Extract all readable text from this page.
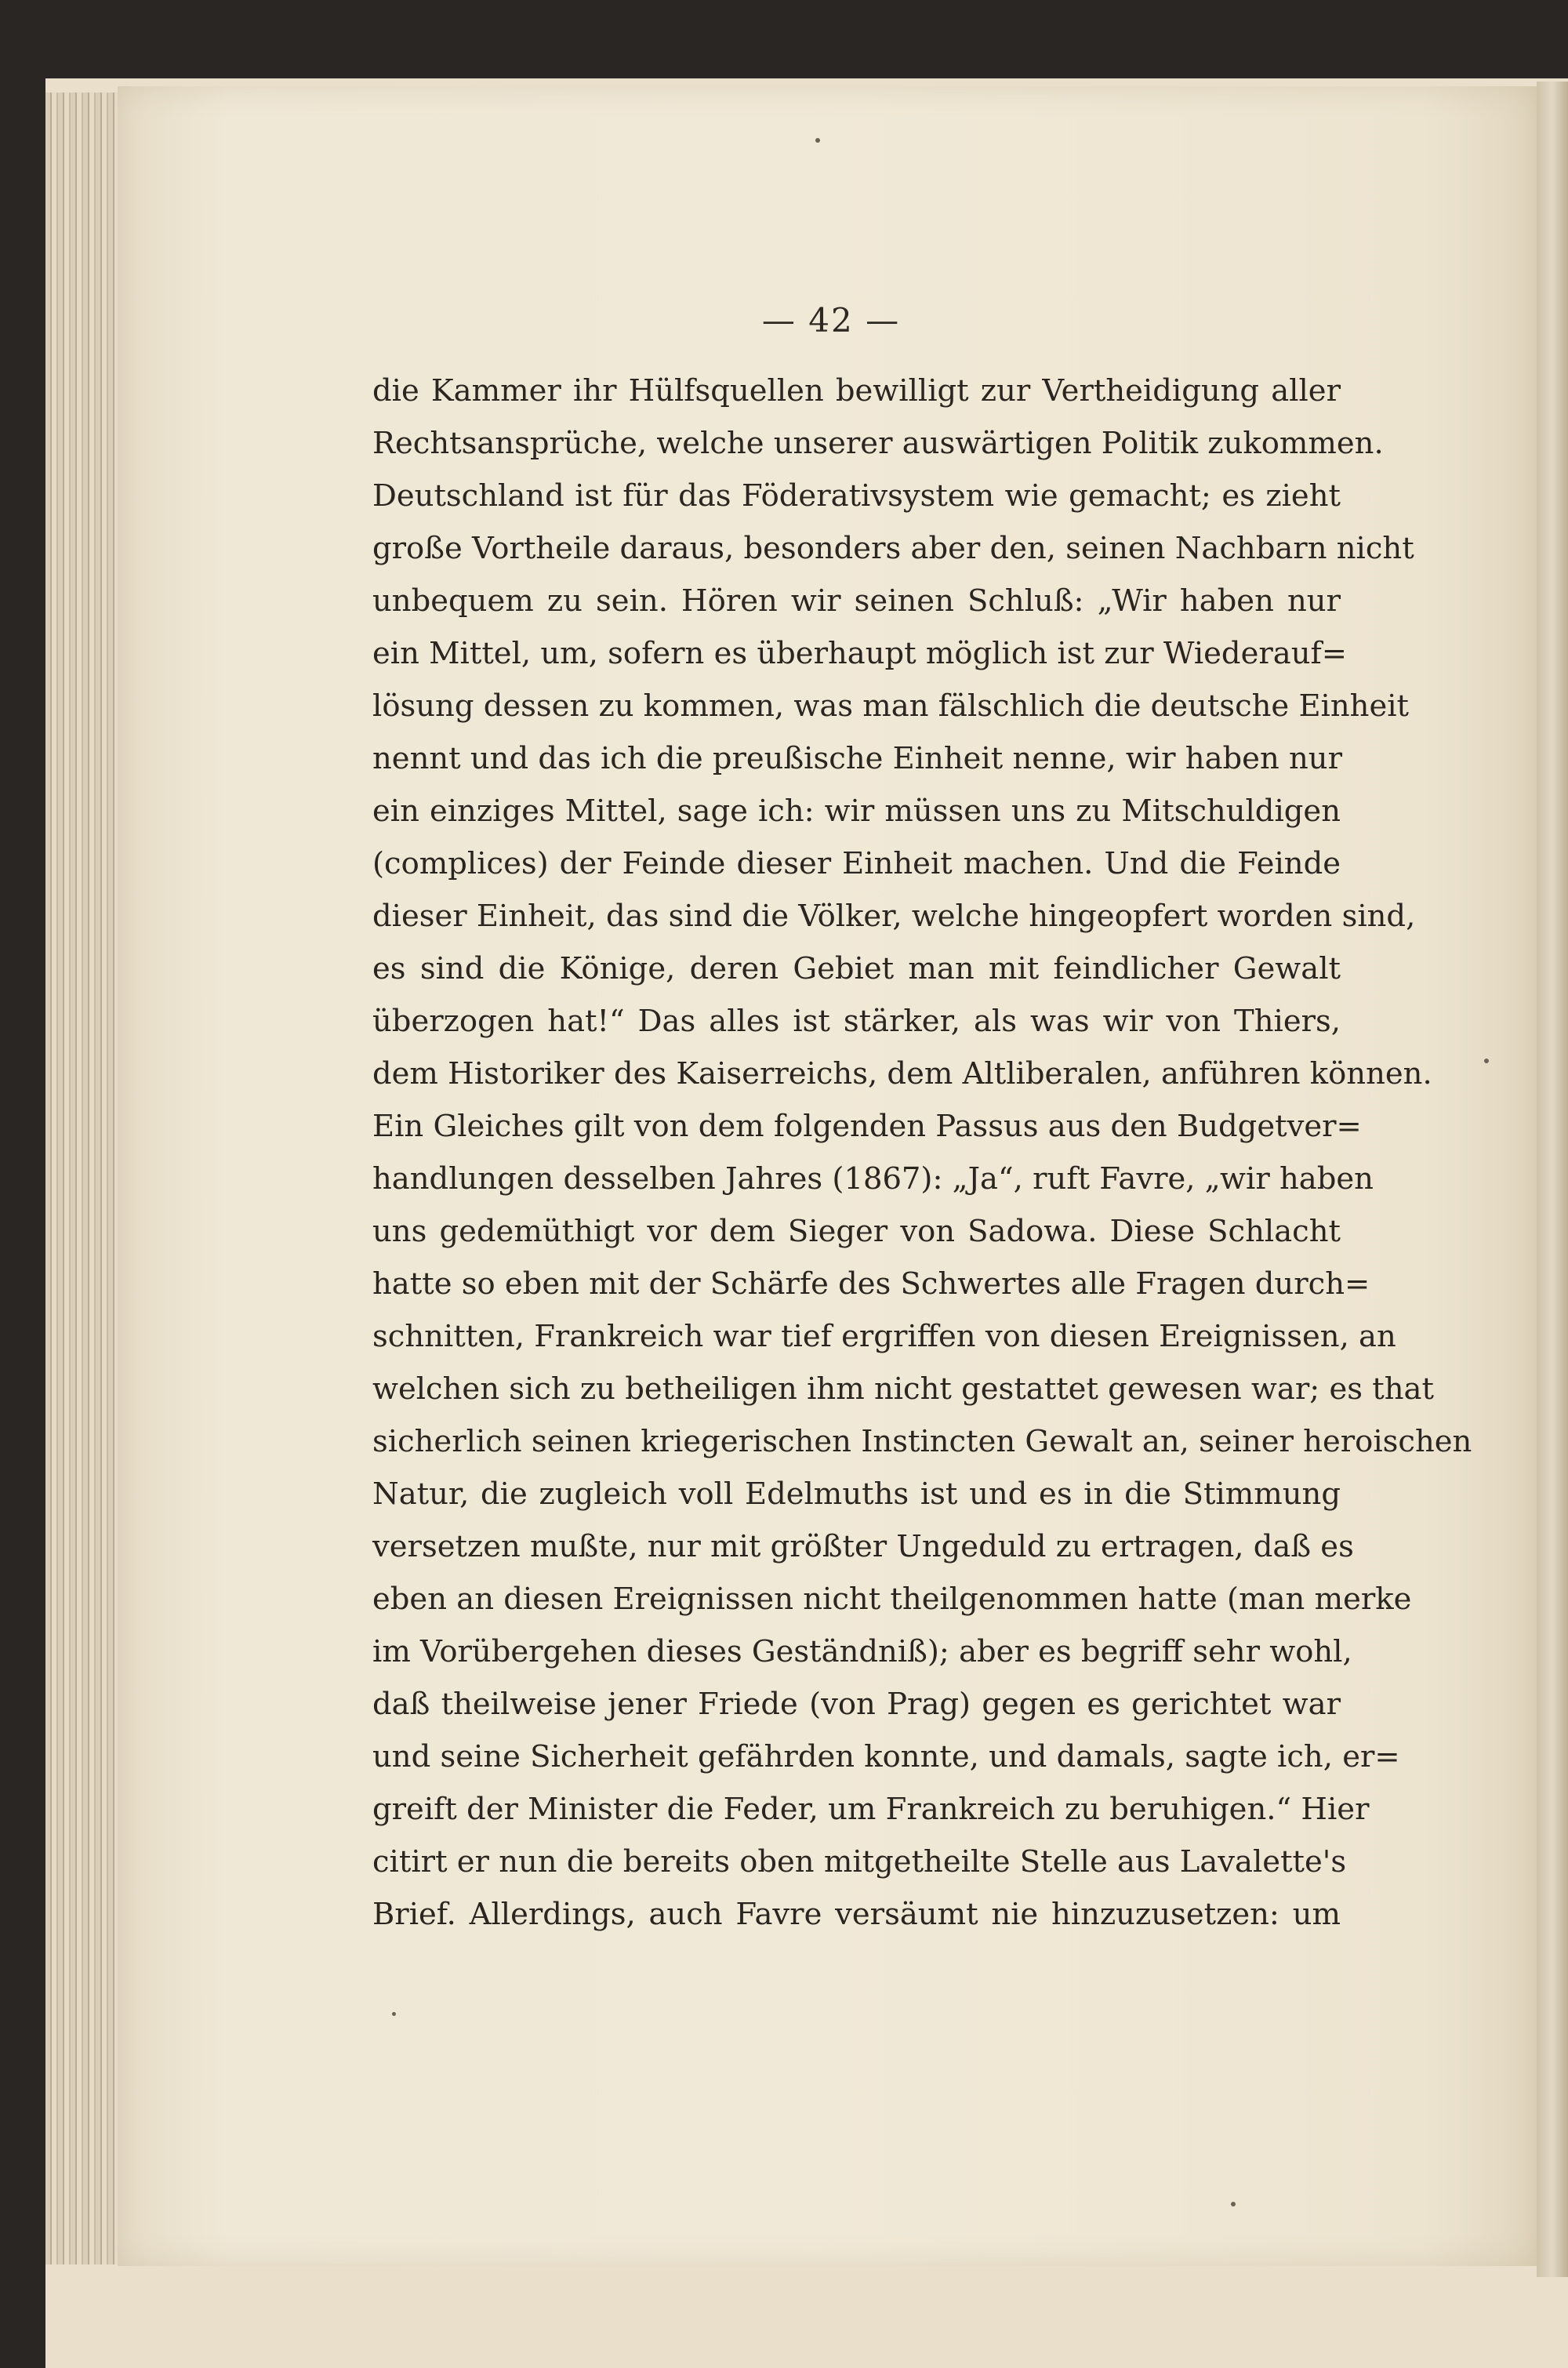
— 42 —
die Kammer ihr Hülfsquellen bewilligt zur Vertheidigung aller
Rechtsansprüche, welche unserer auswärtigen Politik zukommen.
Deutschland ist für das Föderativsystem wie gemacht; es zieht
große Vortheile daraus, besonders aber den, seinen Nachbarn nicht
unbequem zu sein. Hören wir seinen Schluß: „Wir haben nur
ein Mittel, um, sofern es überhaupt möglich ist zur Wiederauf=
lösung dessen zu kommen, was man fälschlich die deutsche Einheit
nennt und das ich die preußische Einheit nenne, wir haben nur
ein einziges Mittel, sage ich: wir müssen uns zu Mitschuldigen
(complices) der Feinde dieser Einheit machen. Und die Feinde
dieser Einheit, das sind die Völker, welche hingeopfert worden sind,
es sind die Könige, deren Gebiet man mit feindlicher Gewalt
überzogen hat!“ Das alles ist stärker, als was wir von Thiers,
dem Historiker des Kaiserreichs, dem Altliberalen, anführen können.
Ein Gleiches gilt von dem folgenden Passus aus den Budgetver=
handlungen desselben Jahres (1867): „Ja“, ruft Favre, „wir haben
uns gedemüthigt vor dem Sieger von Sadowa. Diese Schlacht
hatte so eben mit der Schärfe des Schwertes alle Fragen durch=
schnitten, Frankreich war tief ergriffen von diesen Ereignissen, an
welchen sich zu betheiligen ihm nicht gestattet gewesen war; es that
sicherlich seinen kriegerischen Instincten Gewalt an, seiner heroischen
Natur, die zugleich voll Edelmuths ist und es in die Stimmung
versetzen mußte, nur mit größter Ungeduld zu ertragen, daß es
eben an diesen Ereignissen nicht theilgenommen hatte (man merke
im Vorübergehen dieses Geständniß); aber es begriff sehr wohl,
daß theilweise jener Friede (von Prag) gegen es gerichtet war
und seine Sicherheit gefährden konnte, und damals, sagte ich, er=
greift der Minister die Feder, um Frankreich zu beruhigen.“ Hier
citirt er nun die bereits oben mitgetheilte Stelle aus Lavalette's
Brief. Allerdings, auch Favre versäumt nie hinzuzusetzen: um
